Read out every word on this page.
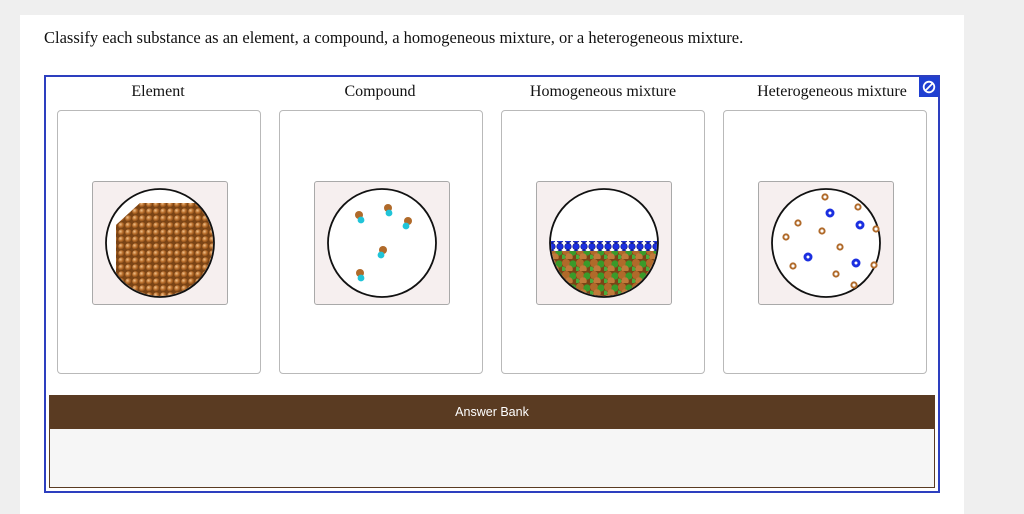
Classify each substance as an element, a compound, a homogeneous mixture, or a heterogeneous mixture.
Element	Compound	Homogeneous mixture	Heterogeneous mixture
Answer Bank
